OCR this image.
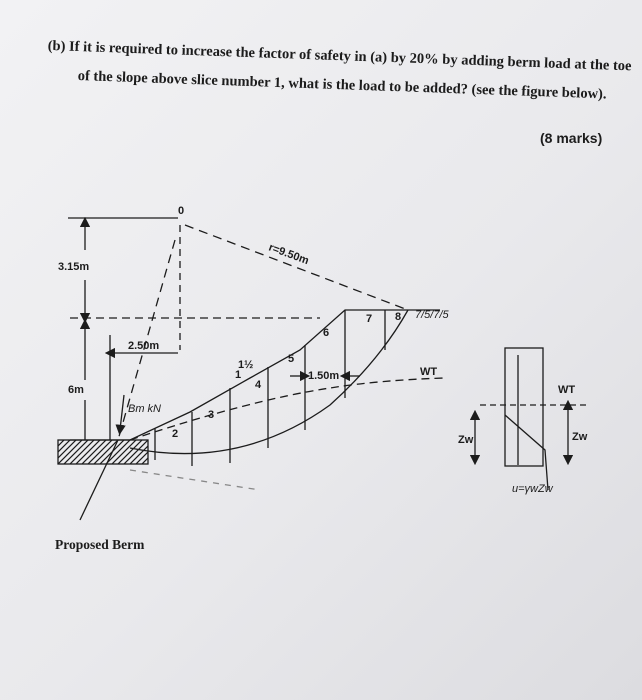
(b) If it is required to increase the factor of safety in (a) by 20% by adding berm load at the toe
of the slope above slice number 1, what is the load to be added? (see the figure below).
(8 marks)
3.15m
6m
0
r=9.50m
2.50m
Bm kN
1.50m	WT
7/5/7/5
1
1½
2
3
4
5
6
7 8
WT
Zw	Zw
u=γwZw
Proposed Berm
